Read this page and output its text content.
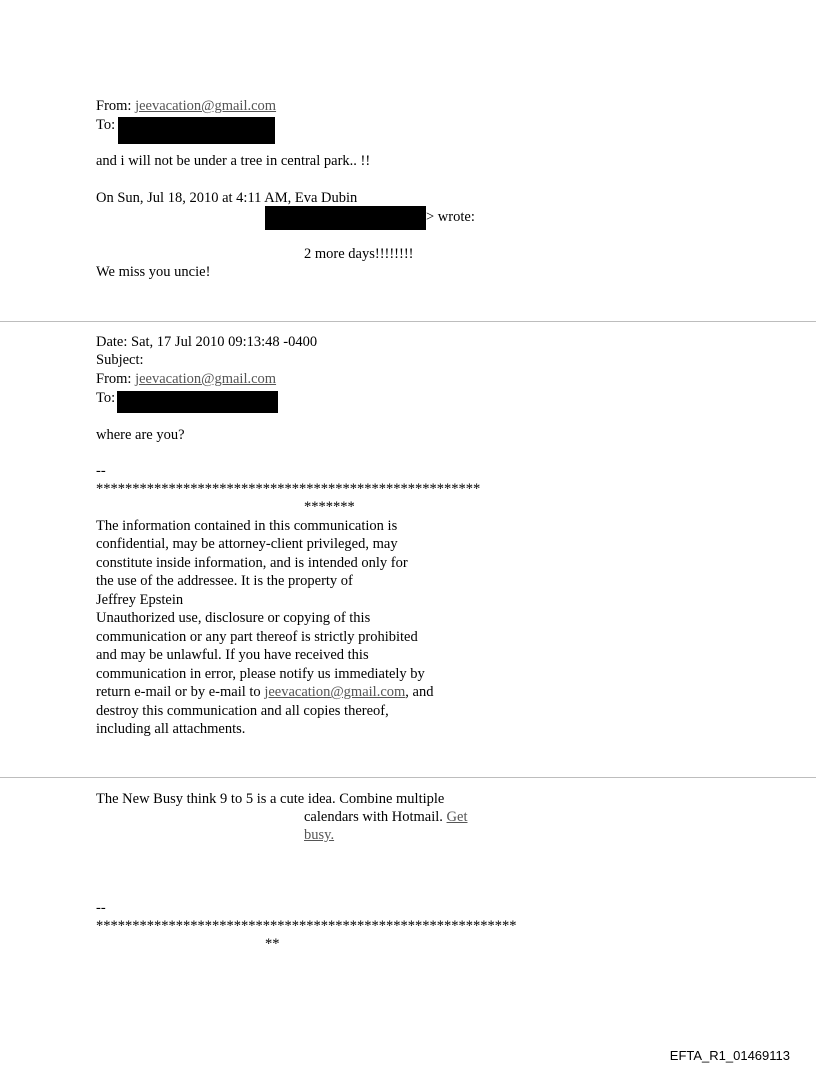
From: jeevacation@gmail.com
To:
and i will not be under a tree in central park.. !!
On Sun, Jul 18, 2010 at 4:11 AM, Eva Dubin
> wrote:
2 more days!!!!!!!!
We miss you uncie!
Date: Sat, 17 Jul 2010 09:13:48 -0400
Subject:
From: jeevacation@gmail.com
To:
where are you?
--
*****************************************************
*******
The information contained in this communication is
confidential, may be attorney-client privileged, may
constitute inside information, and is intended only for
the use of the addressee. It is the property of
Jeffrey Epstein
Unauthorized use, disclosure or copying of this
communication or any part thereof is strictly prohibited
and may be unlawful. If you have received this
communication in error, please notify us immediately by
return e-mail or by e-mail to jeevacation@gmail.com, and
destroy this communication and all copies thereof,
including all attachments.
The New Busy think 9 to 5 is a cute idea. Combine multiple
calendars with Hotmail. Get
busy.
--
**********************************************************
**
EFTA_R1_01469113
